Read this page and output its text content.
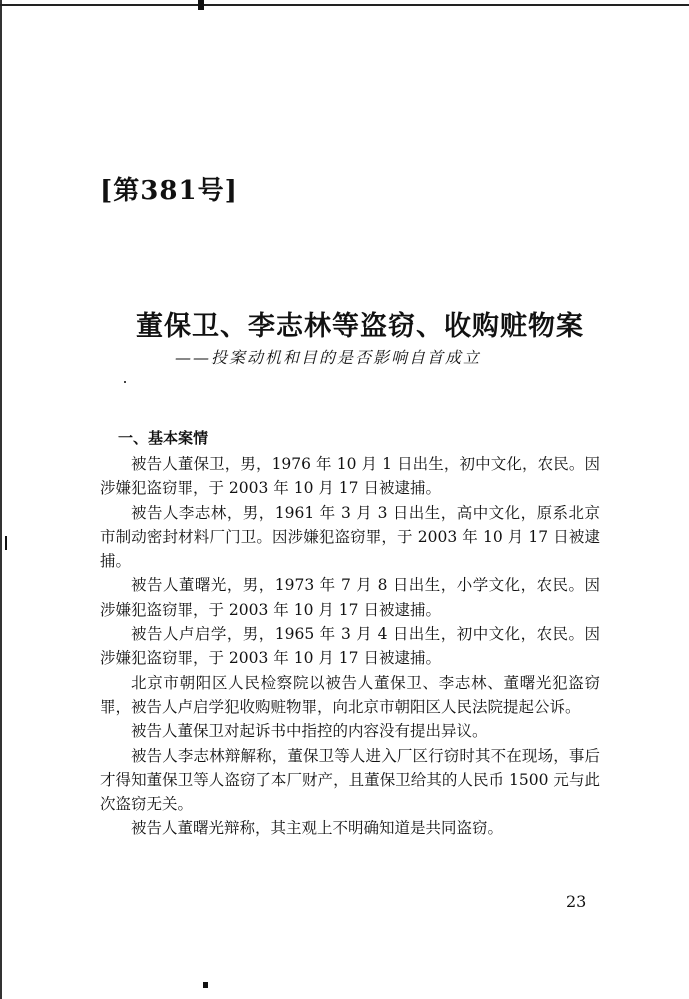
[第381号]
董保卫、李志林等盗窃、收购赃物案
——投案动机和目的是否影响自首成立
一、基本案情

被告人董保卫，男，1976 年 10 月 1 日出生，初中文化，农民。因涉嫌犯盗窃罪，于 2003 年 10 月 17 日被逮捕。

被告人李志林，男，1961 年 3 月 3 日出生，高中文化，原系北京市制动密封材料厂门卫。因涉嫌犯盗窃罪，于 2003 年 10 月 17 日被逮捕。

被告人董曙光，男，1973 年 7 月 8 日出生，小学文化，农民。因涉嫌犯盗窃罪，于 2003 年 10 月 17 日被逮捕。

被告人卢启学，男，1965 年 3 月 4 日出生，初中文化，农民。因涉嫌犯盗窃罪，于 2003 年 10 月 17 日被逮捕。

北京市朝阳区人民检察院以被告人董保卫、李志林、董曙光犯盗窃罪，被告人卢启学犯收购赃物罪，向北京市朝阳区人民法院提起公诉。

被告人董保卫对起诉书中指控的内容没有提出异议。

被告人李志林辩解称，董保卫等人进入厂区行窃时其不在现场，事后才得知董保卫等人盗窃了本厂财产，且董保卫给其的人民币 1500 元与此次盗窃无关。

被告人董曙光辩称，其主观上不明确知道是共同盗窃。

23
